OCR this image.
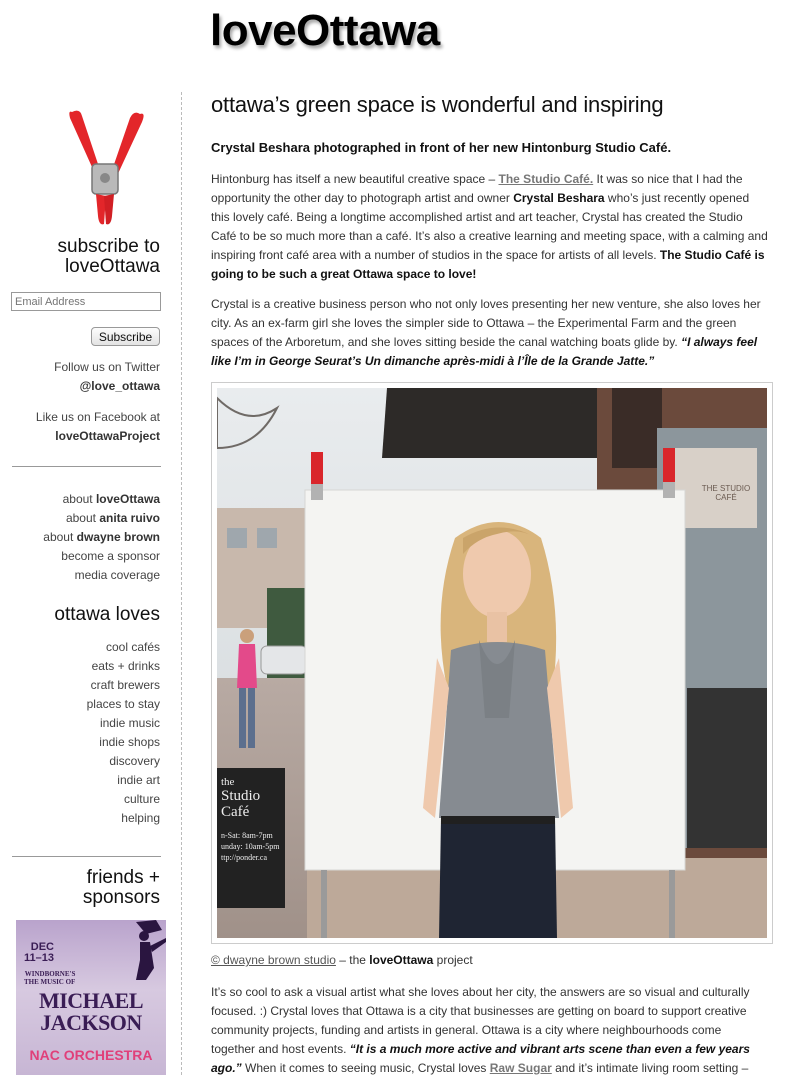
loveOttawa
subscribe to
loveOttawa
Email Address
Subscribe
Follow us on Twitter
@love_ottawa
Like us on Facebook at
loveOttawaProject
about loveOttawa
about anita ruivo
about dwayne brown
become a sponsor
media coverage
ottawa loves
cool cafés
eats + drinks
craft brewers
places to stay
indie music
indie shops
discovery
indie art
culture
helping
friends +
sponsors
DEC
11–13
WINDBORNE'S
THE MUSIC OF
MICHAEL
JACKSON
NAC ORCHESTRA
ottawa’s green space is wonderful and inspiring
Crystal Beshara photographed in front of her new Hintonburg Studio Café.

Hintonburg has itself a new beautiful creative space – The Studio Café. It was so nice that I had the opportunity the other day to photograph artist and owner Crystal Beshara who’s just recently opened this lovely café. Being a longtime accomplished artist and art teacher, Crystal has created the Studio Café to be so much more than a café. It’s also a creative learning and meeting space, with a calming and inspiring front café area with a number of studios in the space for artists of all levels. The Studio Café is going to be such a great Ottawa space to love!

Crystal is a creative business person who not only loves presenting her new venture, she also loves her city. As an ex-farm girl she loves the simpler side to Ottawa – the Experimental Farm and the green spaces of the Arboretum, and she loves sitting beside the canal watching boats glide by. “I always feel like I’m in George Seurat’s Un dimanche après-midi à l’Île de la Grande Jatte.”

the
Studio
Café
n-Sat: 8am-7pm
unday: 10am-5pm
ttp://ponder.ca
THE STUDIO CAFÉ
© dwayne brown studio – the loveOttawa project

It’s so cool to ask a visual artist what she loves about her city, the answers are so visual and culturally focused. :) Crystal loves that Ottawa is a city that businesses are getting on board to support creative community projects, funding and artists in general. Ottawa is a city where neighbourhoods come together and host events. “It is a much more active and vibrant arts scene than even a few years ago.” When it comes to seeing music, Crystal loves Raw Sugar and it’s intimate living room setting –
